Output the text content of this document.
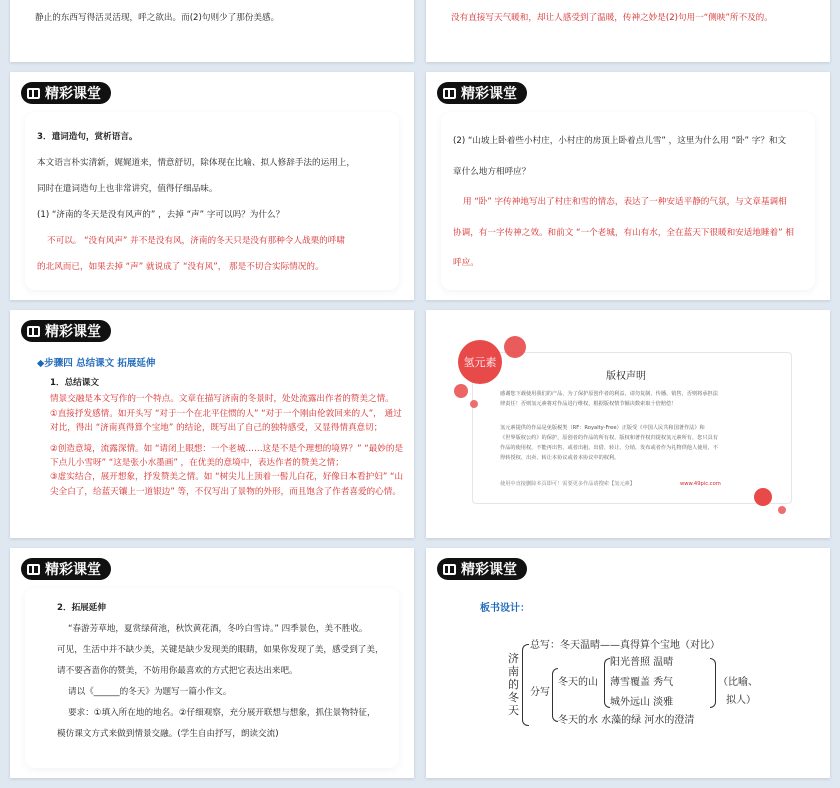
静止的东西写得活灵活现，呼之欲出。而(2)句则少了那份美感。	没有直接写天气暖和，却让人感受到了温暖，传神之妙是(2)句用一“侧映”所不及的。
精彩课堂
3．遣词造句，赏析语言。
本文语言朴实清新，娓娓道来，情意舒切，除体现在比喻、拟人修辞手法的运用上，
同时在遣词造句上也非常讲究，值得仔细品味。
(1) “济南的冬天是没有风声的” ，去掉 “声” 字可以吗？为什么？
不可以。 “没有风声” 并不是没有风，济南的冬天只是没有那种令人战栗的呼啸
的北风而已，如果去掉 “声” 就说成了 “没有风”， 那是不切合实际情况的。
精彩课堂
(2) “山坡上卧着些小村庄，小村庄的房顶上卧着点儿雪” ，这里为什么用 “卧” 字？和文
章什么地方相呼应？
用 “卧” 字传神地写出了村庄和雪的情态，表达了一种安适平静的气氛，与文章基调相
协调，有一字传神之效。和前文 “一个老城，有山有水，全在蓝天下很暖和安适地睡着” 相
呼应。
精彩课堂
◆步骤四 总结课文 拓展延伸
1．总结课文
情景交融是本文写作的一个特点。文章在描写济南的冬景时，处处流露出作者的赞美之情。
①直接抒发感情。如开头写 “对于一个在北平住惯的人” “对于一个刚由伦敦回来的人”， 通过
对比，得出 “济南真得算个宝地” 的结论，既写出了自己的独特感受，又显得情真意切；
②创造意境，流露深情。如 “请闭上眼想：一个老城……这是不是个理想的境界？” “最妙的是
下点儿小雪呀” “这是张小水墨画” ，在优美的意境中，表达作者的赞美之情；
③虚实结合，展开想象，抒发赞美之情。如 “树尖儿上顶着一髻儿白花，好像日本看护妇” “山
尖全白了，给蓝天镶上一道银边” 等，不仅写出了景物的外形，而且饱含了作者喜爱的心情。
氢元素
版权声明
感谢您下载使用我们的产品，为了保护原创作者的利益，请勿复制、传播、销售，否则将承担法
律责任！否则氢元素将对作品进行维权，根据版权情节额决数索取十倍赔偿！
氢元素提供的作品是免版税类（RF：Royalty-Free）正版受《中国人民共和国著作法》和
《世界版权公约》的保护，原创者的作品的所有权、版权和著作权归提权氢元素所有，您只具有
作品的使用权，不能再出售、或者出租、出借、转让、分销、发布或者作为礼物供他人使用，不
得转授权、出卖、转让本协议或者本协议中的权利。
使用中直接删除本页即可！需要更多作品请搜索【氢元素】	www.49pic.com
精彩课堂
2．拓展延伸
“春游芳草地，夏赏绿荷池，秋饮黄花酒，冬吟白雪诗。” 四季景色，美不胜收。
可见，生活中并不缺少美，关键是缺少发现美的眼睛，如果你发现了美，感受到了美，
请不要吝啬你的赞美，不妨用你最喜欢的方式把它表达出来吧。
请以《______的冬天》为题写一篇小作文。
要求：①填入所在地的地名。②仔细观察，充分展开联想与想象，抓住景物特征，
模仿课文方式来做到情景交融。(学生自由抒写，朗读交流)
精彩课堂
板书设计：
济南的冬天
总写：冬天温晴——真得算个宝地（对比）
分写
冬天的山
阳光普照 温晴
薄雪覆盖 秀气
城外远山 淡雅
（比喻、
拟人）
冬天的水 水藻的绿 河水的澄清
